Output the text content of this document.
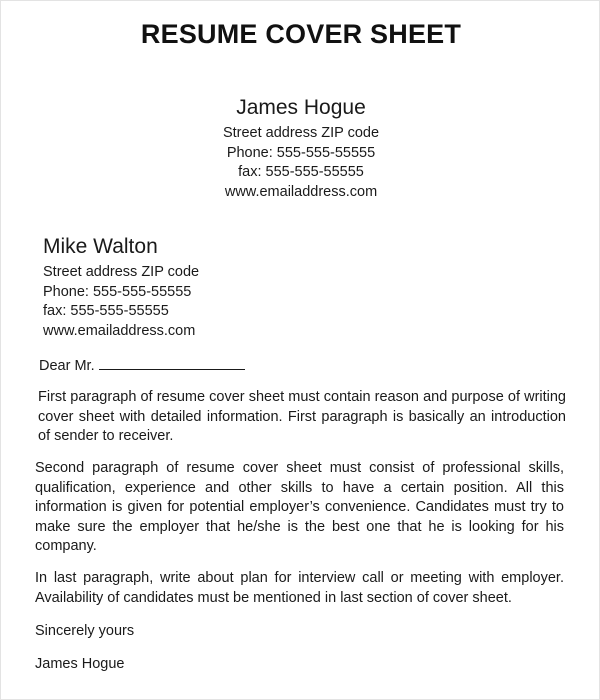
RESUME COVER SHEET
James Hogue
Street address ZIP code
Phone: 555-555-55555
fax: 555-555-55555
www.emailaddress.com
Mike Walton
Street address ZIP code
Phone: 555-555-55555
fax: 555-555-55555
www.emailaddress.com
Dear Mr.
First paragraph of resume cover sheet must contain reason and purpose of writing cover sheet with detailed information. First paragraph is basically an introduction of sender to receiver.
Second paragraph of resume cover sheet must consist of professional skills, qualification, experience and other skills to have a certain position. All this information is given for potential employer’s convenience. Candidates must try to make sure the employer that he/she is the best one that he is looking for his company.
In last paragraph, write about plan for interview call or meeting with employer. Availability of candidates must be mentioned in last section of cover sheet.
Sincerely yours
James Hogue
